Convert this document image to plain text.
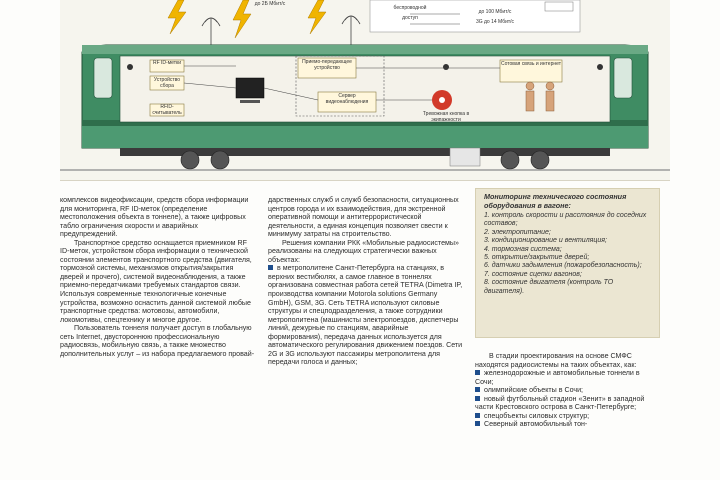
RF ID-метки
Устройство сбора
RFID-считыватель
Приемо-передающее устройство
Сервер видеонаблюдения
Тревожная кнопка в экипажности
Сотовая связь и интернет
до 100 Мбит/с
3G до 14 Мбит/с
до 2Б Мбит/с
беспроводной
доступ

комплексов видеофиксации, средств сбора информации для мониторинга, RF ID-меток (определение местоположения объекта в тоннеле), а также цифровых табло ограничения скорости и аварийных предупреждений.

Транспортное средство оснащается приемником RF ID-меток, устройством сбора информации о технической состоянии элементов транспортного средства (двигателя, тормозной системы, механизмов открытия/закрытия дверей и прочего), системой видеонаблюдения, а также приемно-передатчиками требуемых стандартов связи. Используя современные технологичные конечные устройства, возможно оснастить данной системой любые транспортные средства: мотовозы, автомобили, локомотивы, спецтехнику и многое другое.

Пользователь тоннеля получает доступ в глобальную сеть Internet, двустороннюю профессиональную радиосвязь, мобильную связь, а также множество дополнительных услуг – из набора предлагаемого провай-

дарственных служб и служб безопасности, ситуационных центров города и их взаимодействия, для экстренной оперативной помощи и антитеррористической деятельности, а единая концепция позволяет свести к минимуму затраты на строительство.

Решения компании РКК «Мобильные радиосистемы» реализованы на следующих стратегически важных объектах:

в метрополитене Санкт-Петербурга на станциях, в верхних вестибюлях, а самое главное в тоннелях организована совместная работа сетей TETRA (Dimetra IP, производства компании Motorola solutions Germany GmbH), GSM, 3G. Сеть TETRA используют силовые структуры и спецподразделения, а также сотрудники метрополитена (машинисты электропоездов, диспетчеры линий, дежурные по станциям, аварийные формирования), передача данных используется для автоматического регулирования движением поездов. Сети 2G и 3G используют пассажиры метрополитена для передачи голоса и данных;

Мониторинг технического состояния оборудования в вагоне:
1. контроль скорости и расстояния до соседних составов;
2. электропитание;
3. кондиционирование и вентиляция;
4. тормозная система;
5. открытие/закрытие дверей;
6. датчики задымления (пожаробезопасность);
7. состояние сцепки вагонов;
8. состояние двигателя (контроль ТО двигателя).

В стадии проектирования на основе СМФС находятся радиосистемы на таких объектах, как:

железнодорожные и автомобильные тоннели в Сочи;

олимпийские объекты в Сочи;

новый футбольный стадион «Зенит» в западной части Крестовского острова в Санкт-Петербурге;

спецобъекты силовых структур;

Северный автомобильный тон-
